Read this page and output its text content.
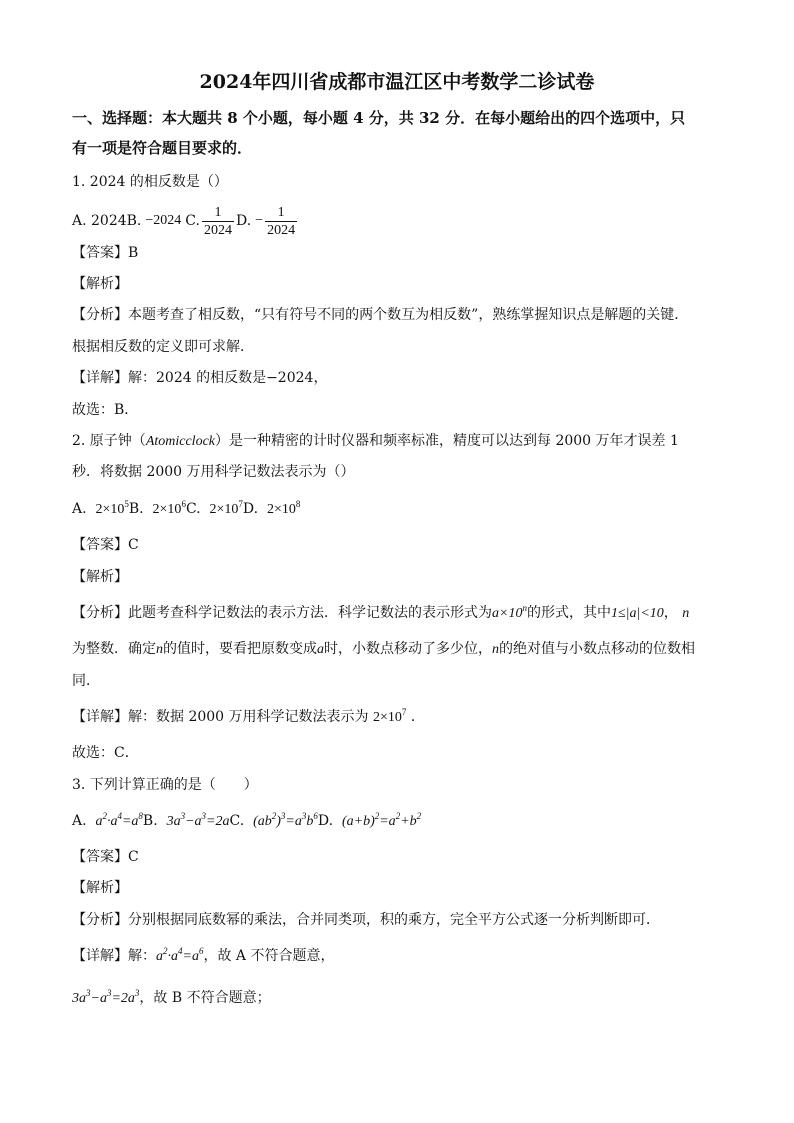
2024年四川省成都市温江区中考数学二诊试卷
一、选择题：本大题共 8 个小题，每小题 4 分，共 32 分．在每小题给出的四个选项中，只
有一项是符合题目要求的．
1. 2024 的相反数是（）
A. 2024B. −2024 C. $\frac{1}{2024} D$. − $\frac{1}{2024}$
【答案】B
【解析】
【分析】本题考查了相反数，“只有符号不同的两个数互为相反数”，熟练掌握知识点是解题的关键．
根据相反数的定义即可求解．
【详解】解：2024 的相反数是−2024，
故选：B．
2. 原子钟（Atomicclock）是一种精密的计时仪器和频率标准，精度可以达到每 2000 万年才误差 1
秒．将数据 2000 万用科学记数法表示为（）
A. $2\times 10^5B$. $2\times 10^6C$. $2\times 10^7D$. $2\times 10^8$
【答案】C
【解析】
【分析】此题考查科学记数法的表示方法．科学记数法的表示形式为$a\times 10^n$的形式，其中1≤|a|<10， n
为整数．确定n的值时，要看把原数变成a时，小数点移动了多少位，n的绝对值与小数点移动的位数相
同．
【详解】解：数据 2000 万用科学记数法表示为 $2\times 10^7$ ．
故选：C．
3. 下列计算正确的是（　　）
A. $a^2\cdot a^4=a^8B$. $3a^3-a^3=2aC$. $(ab^2)^3=a^3b^6D$. $(a+b)^2=a^2+b^2$
【答案】C
【解析】
【分析】分别根据同底数幂的乘法，合并同类项，积的乘方，完全平方公式逐一分析判断即可．
【详解】解：$a^2\cdot a^4=a^6$，故 A 不符合题意，
$3a^3-a^3=2a^3$，故 B 不符合题意；
